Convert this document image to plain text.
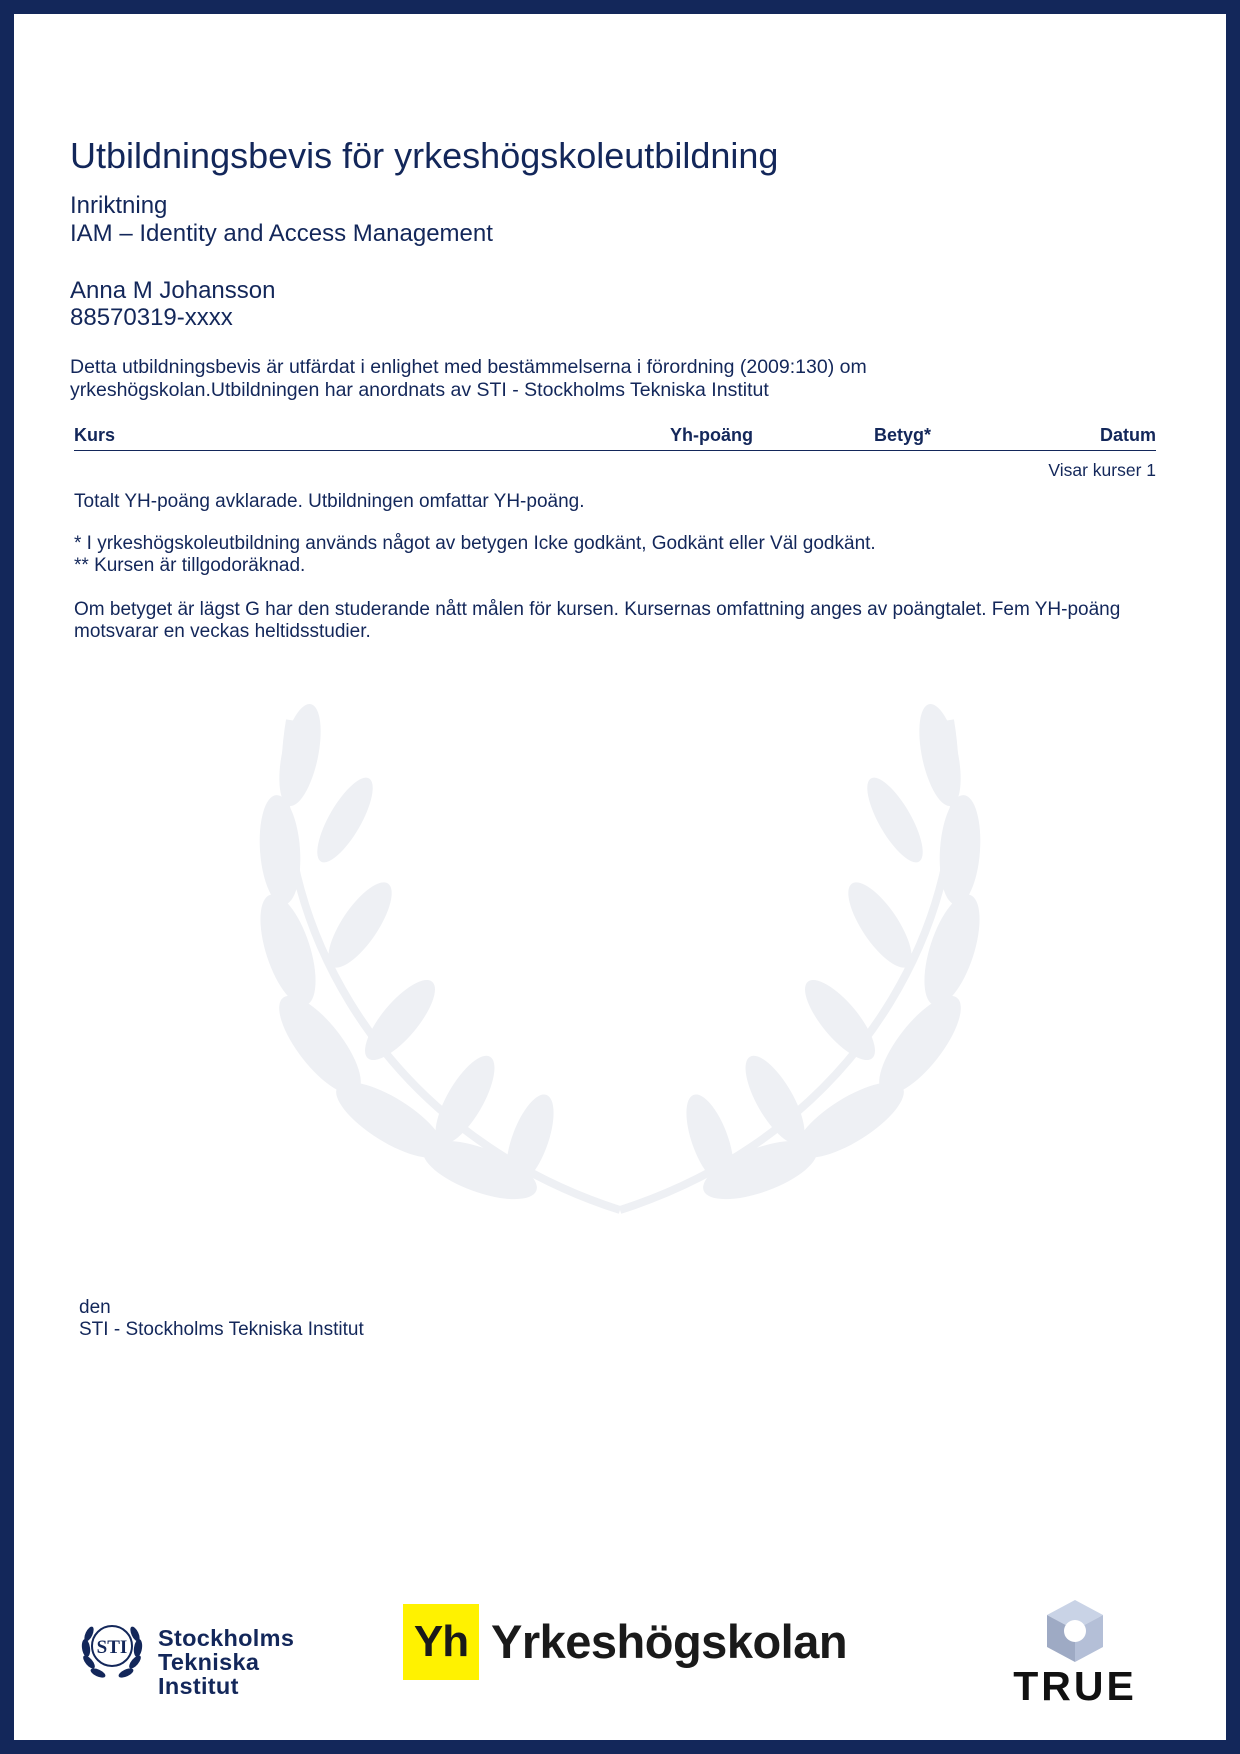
Utbildningsbevis för yrkeshögskoleutbildning
Inriktning
IAM – Identity and Access Management
Anna M Johansson
88570319-xxxx
Detta utbildningsbevis är utfärdat i enlighet med bestämmelserna i förordning (2009:130) om yrkeshögskolan.Utbildningen har anordnats av STI - Stockholms Tekniska Institut
Kurs	Yh-poäng	Betyg*	Datum
Visar kurser 1
Totalt YH-poäng avklarade. Utbildningen omfattar YH-poäng.
* I yrkeshögskoleutbildning används något av betygen Icke godkänt, Godkänt eller Väl godkänt.
** Kursen är tillgodoräknad.
Om betyget är lägst G har den studerande nått målen för kursen. Kursernas omfattning anges av poängtalet. Fem YH-poäng motsvarar en veckas heltidsstudier.
den
STI - Stockholms Tekniska Institut
STI Stockholms
Tekniska Institut
Yh Yrkeshögskolan
TRUE
